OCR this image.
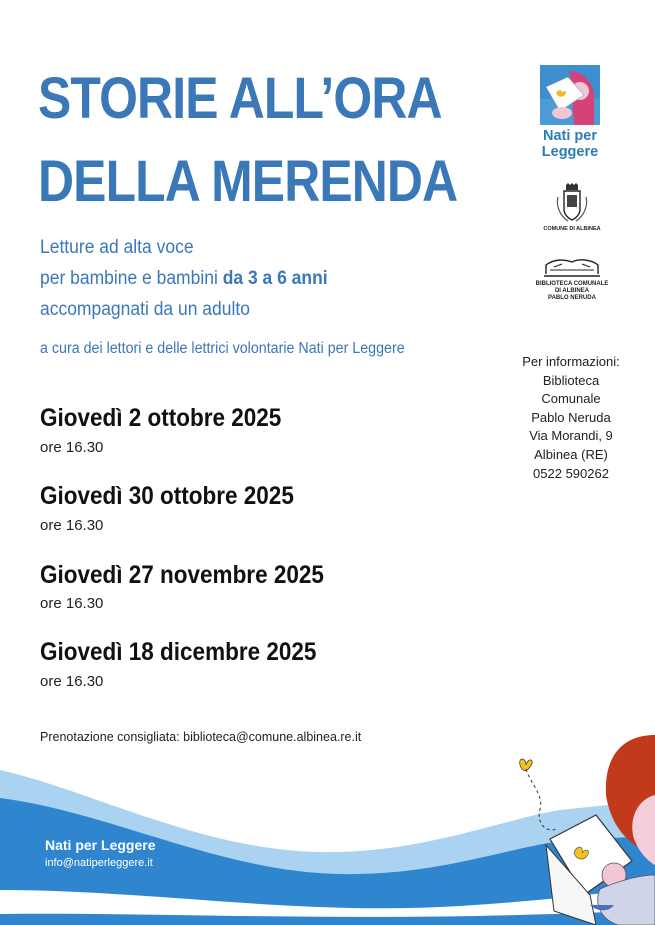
STORIE ALL’ORA
DELLA MERENDA
Letture ad alta voce
per bambine e bambini da 3 a 6 anni
accompagnati da un adulto
a cura dei lettori e delle lettrici volontarie Nati per Leggere
Giovedì 2 ottobre 2025
ore 16.30
Giovedì 30 ottobre 2025
ore 16.30
Giovedì 27 novembre 2025
ore 16.30
Giovedì 18 dicembre 2025
ore 16.30
Prenotazione consigliata: biblioteca@comune.albinea.re.it
Per informazioni:
Biblioteca
Comunale
Pablo Neruda
Via Morandi, 9
Albinea (RE)
0522 590262
Nati per
Leggere
COMUNE DI ALBINEA
BIBLIOTECA COMUNALE
DI ALBINEA
PABLO NERUDA
Nati per Leggere
info@natiperleggere.it
